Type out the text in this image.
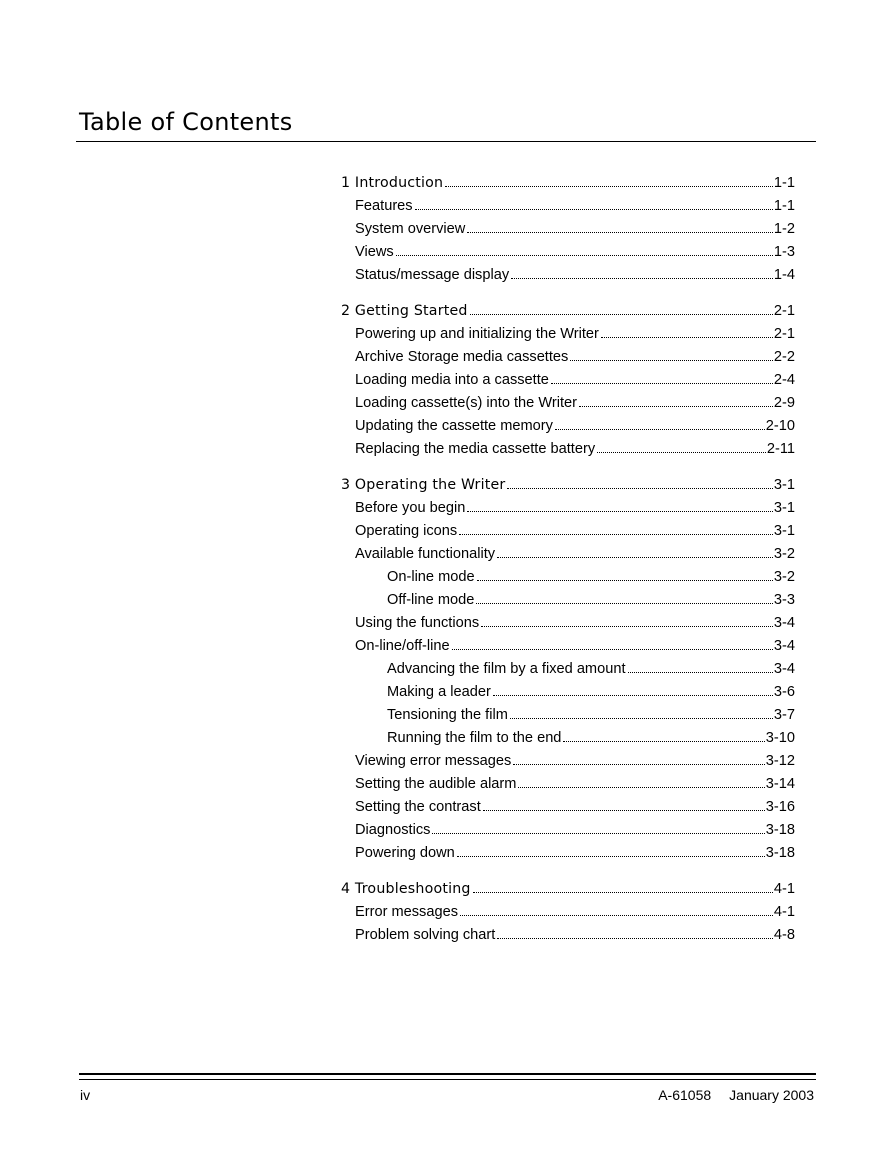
Table of Contents
1 Introduction	1-1
Features	1-1
System overview	1-2
Views	1-3
Status/message display	1-4
2 Getting Started	2-1
Powering up and initializing the Writer	2-1
Archive Storage media cassettes	2-2
Loading media into a cassette	2-4
Loading cassette(s) into the Writer	2-9
Updating the cassette memory	2-10
Replacing the media cassette battery	2-11
3 Operating the Writer	3-1
Before you begin	3-1
Operating icons	3-1
Available functionality	3-2
On-line mode	3-2
Off-line mode	3-3
Using the functions	3-4
On-line/off-line	3-4
Advancing the film by a fixed amount	3-4
Making a leader	3-6
Tensioning the film	3-7
Running the film to the end	3-10
Viewing error messages	3-12
Setting the audible alarm	3-14
Setting the contrast	3-16
Diagnostics	3-18
Powering down	3-18
4 Troubleshooting	4-1
Error messages	4-1
Problem solving chart	4-8
iv	A-61058 January 2003
